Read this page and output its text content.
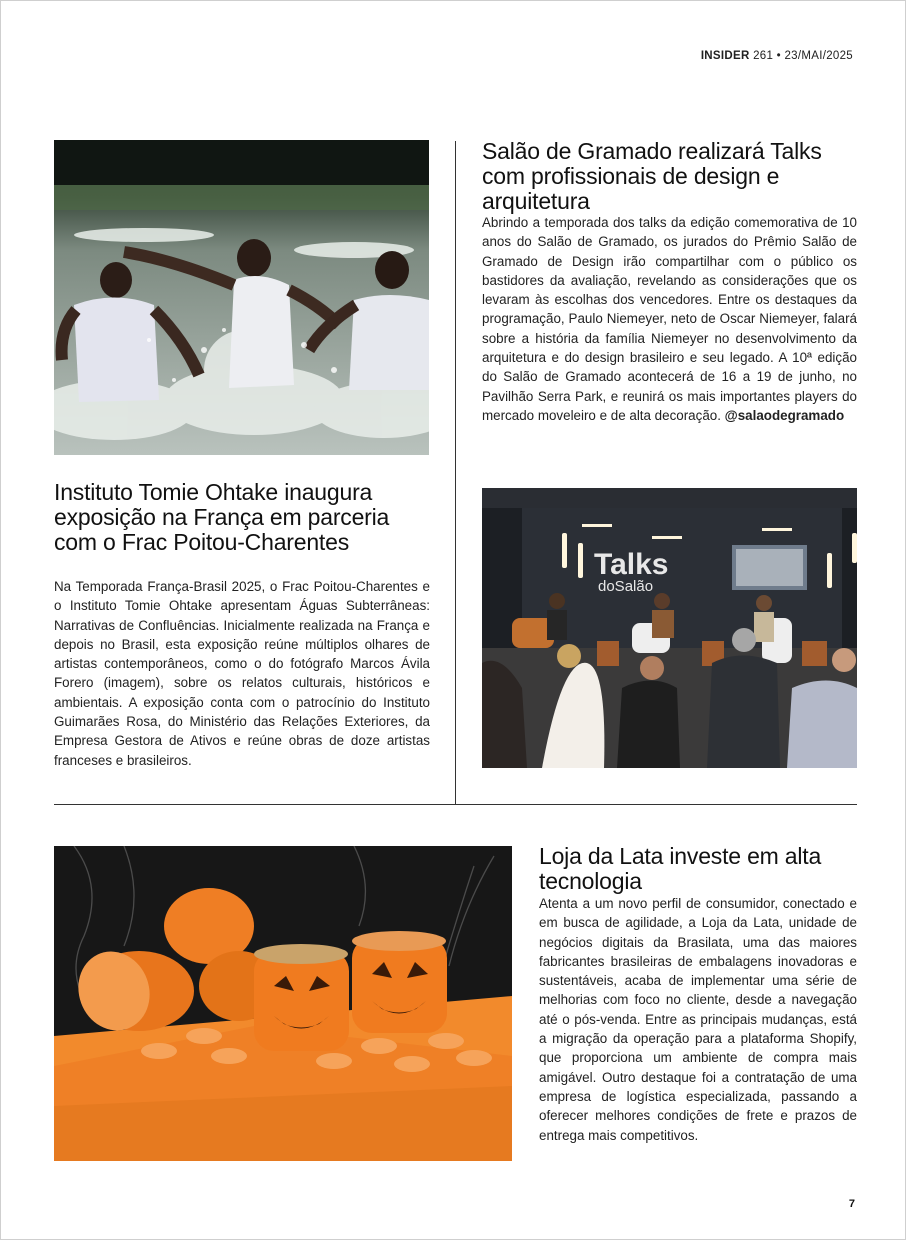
INSIDER 261 • 23/MAI/2025
Instituto Tomie Ohtake inaugura exposição na França em parceria com o Frac Poitou-Charentes

Na Temporada França-Brasil 2025, o Frac Poitou-Charentes e o Instituto Tomie Ohtake apresentam Águas Subterrâneas: Narrativas de Confluências. Inicialmente realizada na França e depois no Brasil, esta exposição reúne múltiplos olhares de artistas contemporâneos, como o do fotógrafo Marcos Ávila Forero (imagem), sobre os relatos culturais, históricos e ambientais. A exposição conta com o patrocínio do Instituto Guimarães Rosa, do Ministério das Relações Exteriores, da Empresa Gestora de Ativos e reúne obras de doze artistas franceses e brasileiros.

Salão de Gramado realizará Talks com profissionais de design e arquitetura

Abrindo a temporada dos talks da edição comemorativa de 10 anos do Salão de Gramado, os jurados do Prêmio Salão de Gramado de Design irão compartilhar com o público os bastidores da avaliação, revelando as considerações que os levaram às escolhas dos vencedores. Entre os destaques da programação, Paulo Niemeyer, neto de Oscar Niemeyer, falará sobre a história da família Niemeyer no desenvolvimento da arquitetura e do design brasileiro e seu legado. A 10ª edição do Salão de Gramado acontecerá de 16 a 19 de junho, no Pavilhão Serra Park, e reunirá os mais importantes players do mercado moveleiro e de alta decoração. @salaodegramado

Talks
doSalão
Loja da Lata investe em alta tecnologia

Atenta a um novo perfil de consumidor, conectado e em busca de agilidade, a Loja da Lata, unidade de negócios digitais da Brasilata, uma das maiores fabricantes brasileiras de embalagens inovadoras e sustentáveis, acaba de implementar uma série de melhorias com foco no cliente, desde a navegação até o pós-venda. Entre as principais mudanças, está a migração da operação para a plataforma Shopify, que proporciona um ambiente de compra mais amigável. Outro destaque foi a contratação de uma empresa de logística especializada, passando a oferecer melhores condições de frete e prazos de entrega mais competitivos.

7
